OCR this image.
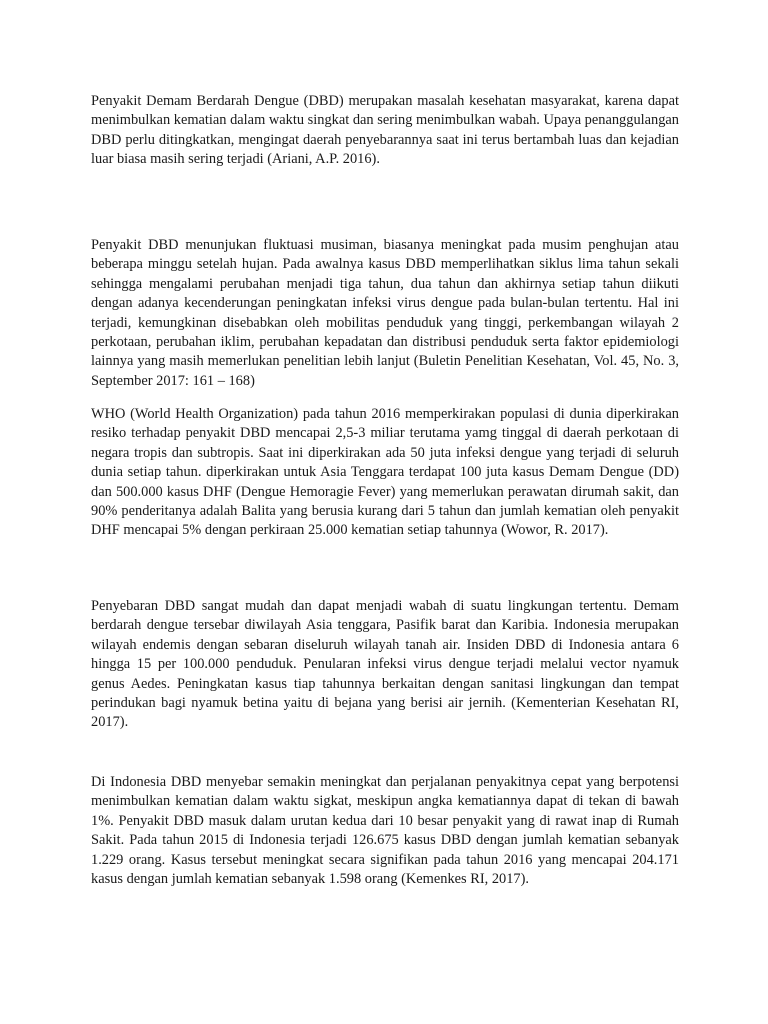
Penyakit Demam Berdarah Dengue (DBD) merupakan masalah kesehatan masyarakat, karena dapat menimbulkan kematian dalam waktu singkat dan sering menimbulkan wabah. Upaya penanggulangan DBD perlu ditingkatkan, mengingat daerah penyebarannya saat ini terus bertambah luas dan kejadian luar biasa masih sering terjadi (Ariani, A.P. 2016).

Penyakit DBD menunjukan fluktuasi musiman, biasanya meningkat pada musim penghujan atau beberapa minggu setelah hujan. Pada awalnya kasus DBD memperlihatkan siklus lima tahun sekali sehingga mengalami perubahan menjadi tiga tahun, dua tahun dan akhirnya setiap tahun diikuti dengan adanya kecenderungan peningkatan infeksi virus dengue pada bulan-bulan tertentu. Hal ini terjadi, kemungkinan disebabkan oleh mobilitas penduduk yang tinggi, perkembangan wilayah 2 perkotaan, perubahan iklim, perubahan kepadatan dan distribusi penduduk serta faktor epidemiologi lainnya yang masih memerlukan penelitian lebih lanjut (Buletin Penelitian Kesehatan, Vol. 45, No. 3, September 2017: 161 – 168)

WHO (World Health Organization) pada tahun 2016 memperkirakan populasi di dunia diperkirakan resiko terhadap penyakit DBD mencapai 2,5-3 miliar terutama yamg tinggal di daerah perkotaan di negara tropis dan subtropis. Saat ini diperkirakan ada 50 juta infeksi dengue yang terjadi di seluruh dunia setiap tahun. diperkirakan untuk Asia Tenggara terdapat 100 juta kasus Demam Dengue (DD) dan 500.000 kasus DHF (Dengue Hemoragie Fever) yang memerlukan perawatan dirumah sakit, dan 90% penderitanya adalah Balita yang berusia kurang dari 5 tahun dan jumlah kematian oleh penyakit DHF mencapai 5% dengan perkiraan 25.000 kematian setiap tahunnya (Wowor, R. 2017).

Penyebaran DBD sangat mudah dan dapat menjadi wabah di suatu lingkungan tertentu. Demam berdarah dengue tersebar diwilayah Asia tenggara, Pasifik barat dan Karibia. Indonesia merupakan wilayah endemis dengan sebaran diseluruh wilayah tanah air. Insiden DBD di Indonesia antara 6 hingga 15 per 100.000 penduduk. Penularan infeksi virus dengue terjadi melalui vector nyamuk genus Aedes. Peningkatan kasus tiap tahunnya berkaitan dengan sanitasi lingkungan dan tempat perindukan bagi nyamuk betina yaitu di bejana yang berisi air jernih. (Kementerian Kesehatan RI, 2017).

Di Indonesia DBD menyebar semakin meningkat dan perjalanan penyakitnya cepat yang berpotensi menimbulkan kematian dalam waktu sigkat, meskipun angka kematiannya dapat di tekan di bawah 1%. Penyakit DBD masuk dalam urutan kedua dari 10 besar penyakit yang di rawat inap di Rumah Sakit. Pada tahun 2015 di Indonesia terjadi 126.675 kasus DBD dengan jumlah kematian sebanyak 1.229 orang. Kasus tersebut meningkat secara signifikan pada tahun 2016 yang mencapai 204.171 kasus dengan jumlah kematian sebanyak 1.598 orang (Kemenkes RI, 2017).
